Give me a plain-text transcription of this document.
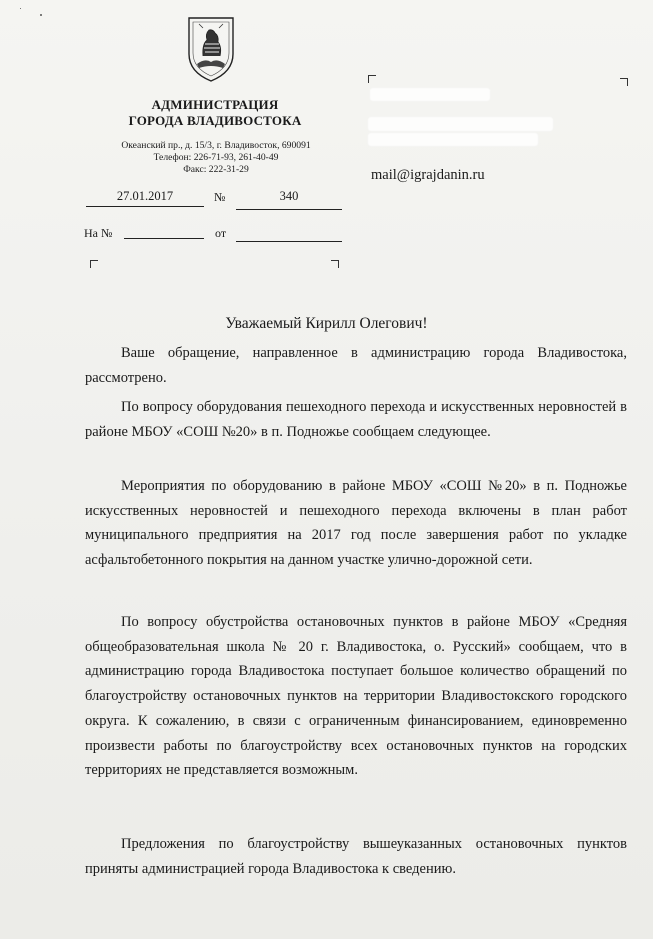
АДМИНИСТРАЦИЯ
ГОРОДА ВЛАДИВОСТОКА
Океанский пр., д. 15/3, г. Владивосток, 690091
Телефон: 226-71-93, 261-40-49
Факс: 222-31-29
27.01.2017	№	340
На №	от
mail@igrajdanin.ru
Уважаемый Кирилл Олегович!
Ваше обращение, направленное в администрацию города Владивостока, рассмотрено.
По вопросу оборудования пешеходного перехода и искусственных неровностей в районе МБОУ «СОШ №20» в п. Подножье сообщаем следующее.
Мероприятия по оборудованию в районе МБОУ «СОШ №20» в п. Подножье искусственных неровностей и пешеходного перехода включены в план работ муниципального предприятия на 2017 год после завершения работ по укладке асфальтобетонного покрытия на данном участке улично-дорожной сети.
По вопросу обустройства остановочных пунктов в районе МБОУ «Средняя общеобразовательная школа № 20 г. Владивостока, о. Русский» сообщаем, что в администрацию города Владивостока поступает большое количество обращений по благоустройству остановочных пунктов на территории Владивостокского городского округа. К сожалению, в связи с ограниченным финансированием, единовременно произвести работы по благоустройству всех остановочных пунктов на городских территориях не представляется возможным.
Предложения по благоустройству вышеуказанных остановочных пунктов приняты администрацией города Владивостока к сведению.
